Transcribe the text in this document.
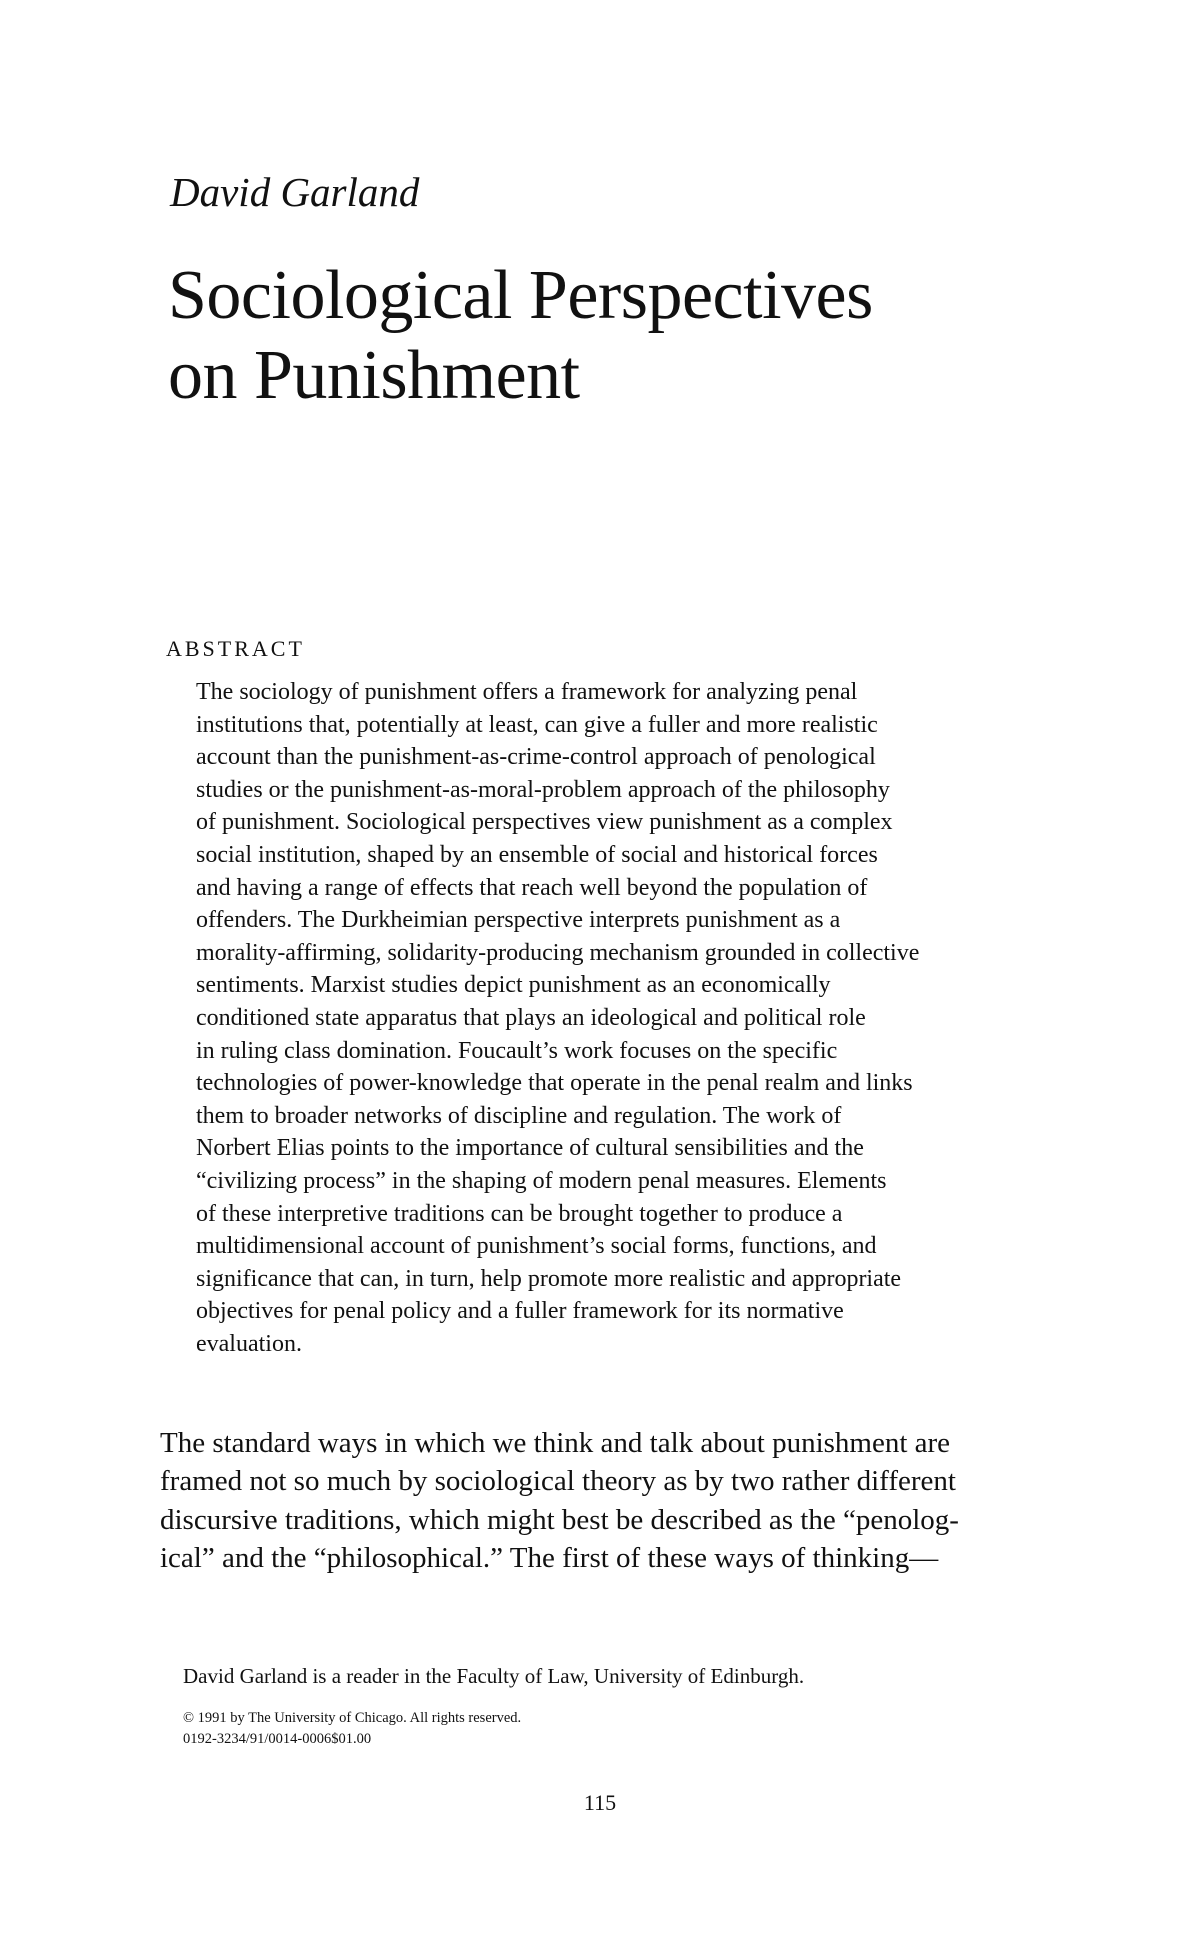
David Garland
Sociological Perspectives
on Punishment
ABSTRACT
The sociology of punishment offers a framework for analyzing penal
institutions that, potentially at least, can give a fuller and more realistic
account than the punishment-as-crime-control approach of penological
studies or the punishment-as-moral-problem approach of the philosophy
of punishment. Sociological perspectives view punishment as a complex
social institution, shaped by an ensemble of social and historical forces
and having a range of effects that reach well beyond the population of
offenders. The Durkheimian perspective interprets punishment as a
morality-affirming, solidarity-producing mechanism grounded in collective
sentiments. Marxist studies depict punishment as an economically
conditioned state apparatus that plays an ideological and political role
in ruling class domination. Foucault’s work focuses on the specific
technologies of power-knowledge that operate in the penal realm and links
them to broader networks of discipline and regulation. The work of
Norbert Elias points to the importance of cultural sensibilities and the
“civilizing process” in the shaping of modern penal measures. Elements
of these interpretive traditions can be brought together to produce a
multidimensional account of punishment’s social forms, functions, and
significance that can, in turn, help promote more realistic and appropriate
objectives for penal policy and a fuller framework for its normative
evaluation.
The standard ways in which we think and talk about punishment are
framed not so much by sociological theory as by two rather different
discursive traditions, which might best be described as the “penolog-
ical” and the “philosophical.” The first of these ways of thinking—
David Garland is a reader in the Faculty of Law, University of Edinburgh.
© 1991 by The University of Chicago. All rights reserved.
0192-3234/91/0014-0006$01.00
115
